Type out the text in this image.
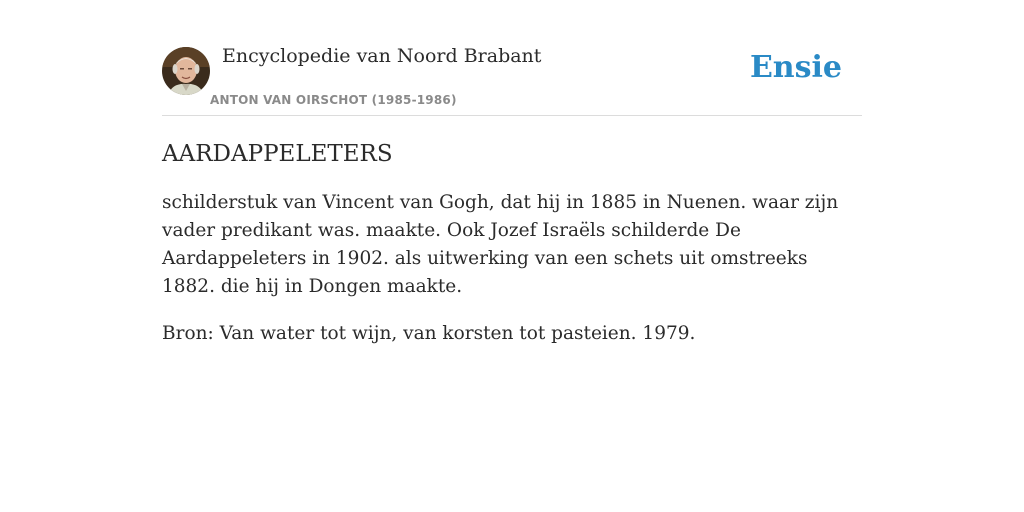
Encyclopedie van Noord Brabant
ANTON VAN OIRSCHOT (1985-1986)
Ensie
AARDAPPELETERS

schilderstuk van Vincent van Gogh, dat hij in 1885 in Nuenen. waar zijn vader predikant was. maakte. Ook Jozef Israëls schilderde De Aardappeleters in 1902. als uitwerking van een schets uit omstreeks 1882. die hij in Dongen maakte.

Bron: Van water tot wijn, van korsten tot pasteien. 1979.
